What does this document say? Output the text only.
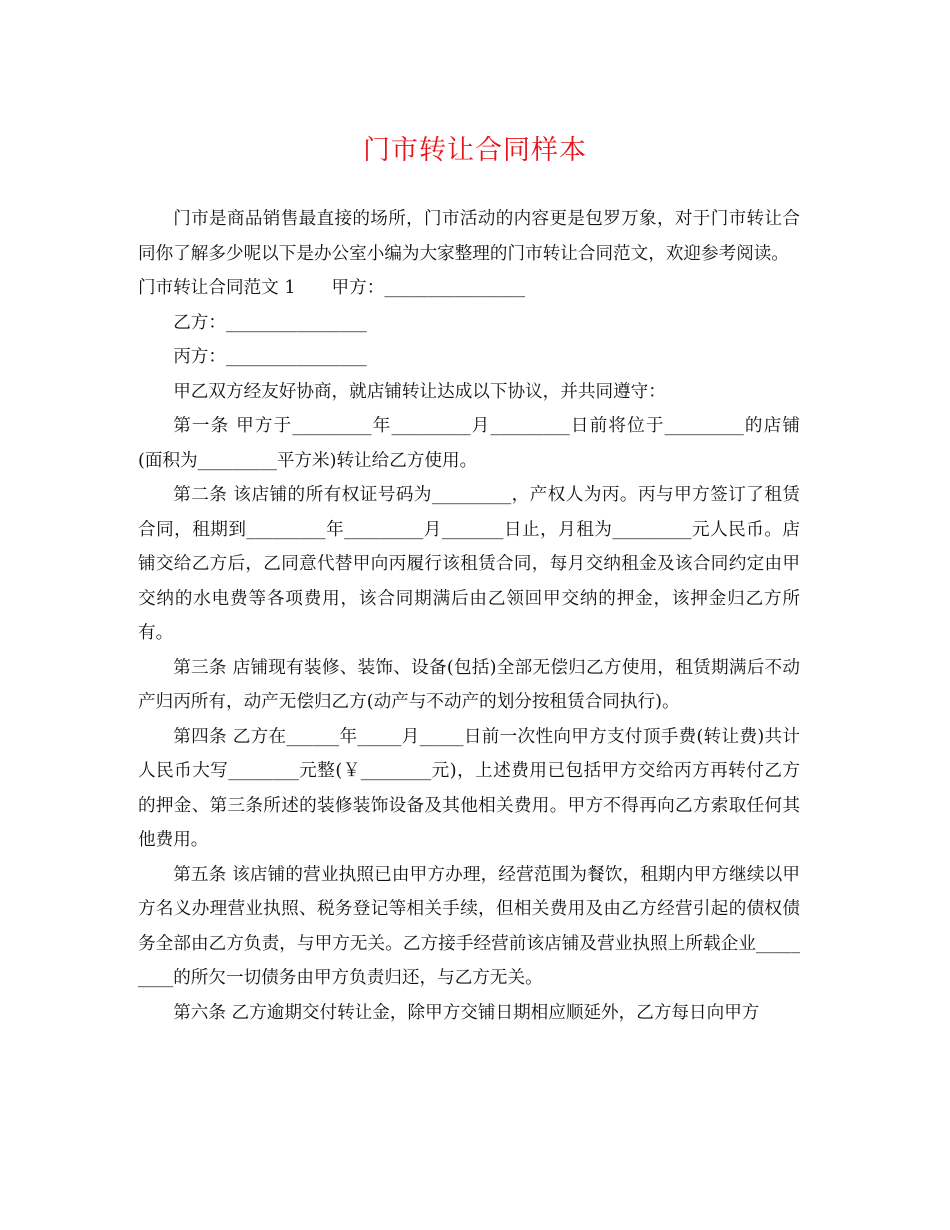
门市转让合同样本

门市是商品销售最直接的场所，门市活动的内容更是包罗万象，对于门市转让合同你了解多少呢以下是办公室小编为大家整理的门市转让合同范文，欢迎参考阅读。

门市转让合同范文 1 甲方：________________

乙方：________________

丙方：________________

甲乙双方经友好协商，就店铺转让达成以下协议，并共同遵守：

第一条 甲方于_________年_________月_________日前将位于_________的店铺(面积为_________平方米)转让给乙方使用。

第二条 该店铺的所有权证号码为_________，产权人为丙。丙与甲方签订了租赁合同，租期到_________年_________月_______日止，月租为_________元人民币。店铺交给乙方后，乙同意代替甲向丙履行该租赁合同，每月交纳租金及该合同约定由甲交纳的水电费等各项费用，该合同期满后由乙领回甲交纳的押金，该押金归乙方所有。

第三条 店铺现有装修、装饰、设备(包括)全部无偿归乙方使用，租赁期满后不动产归丙所有，动产无偿归乙方(动产与不动产的划分按租赁合同执行)。

第四条 乙方在______年_____月_____日前一次性向甲方支付顶手费(转让费)共计人民币大写________元整(￥________元)，上述费用已包括甲方交给丙方再转付乙方的押金、第三条所述的装修装饰设备及其他相关费用。甲方不得再向乙方索取任何其他费用。

第五条 该店铺的营业执照已由甲方办理，经营范围为餐饮，租期内甲方继续以甲方名义办理营业执照、税务登记等相关手续，但相关费用及由乙方经营引起的债权债务全部由乙方负责，与甲方无关。乙方接手经营前该店铺及营业执照上所载企业_________的所欠一切债务由甲方负责归还，与乙方无关。

第六条 乙方逾期交付转让金，除甲方交铺日期相应顺延外，乙方每日向甲方
